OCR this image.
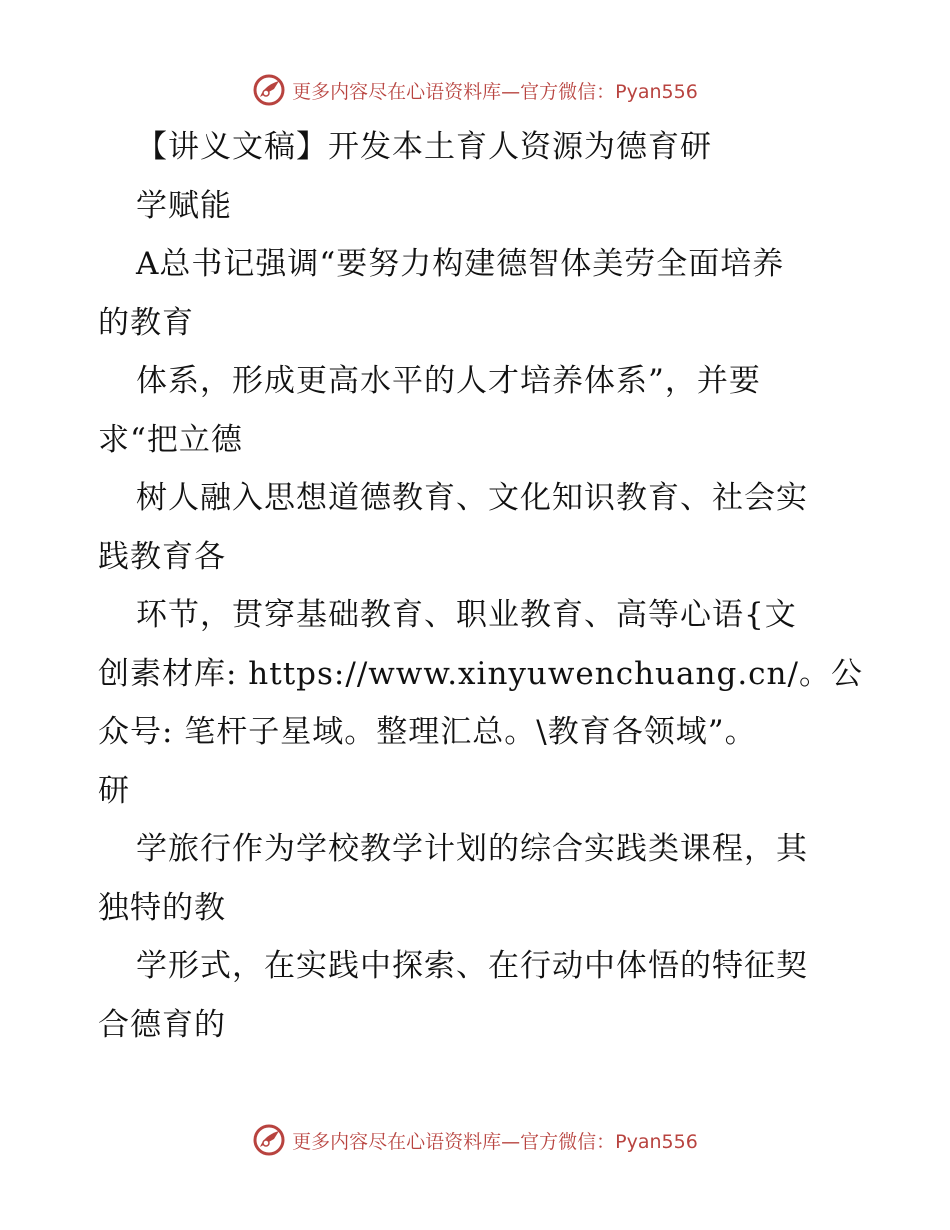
更多内容尽在心语资料库—官方微信：Pyan556
【讲义文稿】开发本土育人资源为德育研
学赋能
A总书记强调“要努力构建德智体美劳全面培养
的教育
体系，形成更高水平的人才培养体系”，并要
求“把立德
树人融入思想道德教育、文化知识教育、社会实
践教育各
环节，贯穿基础教育、职业教育、高等心语{文
创素材库: https://www.xinyuwenchuang.cn/。公
众号: 笔杆子星域。整理汇总。\教育各领域”。
研
学旅行作为学校教学计划的综合实践类课程，其
独特的教
学形式，在实践中探索、在行动中体悟的特征契
合德育的
更多内容尽在心语资料库—官方微信：Pyan556
